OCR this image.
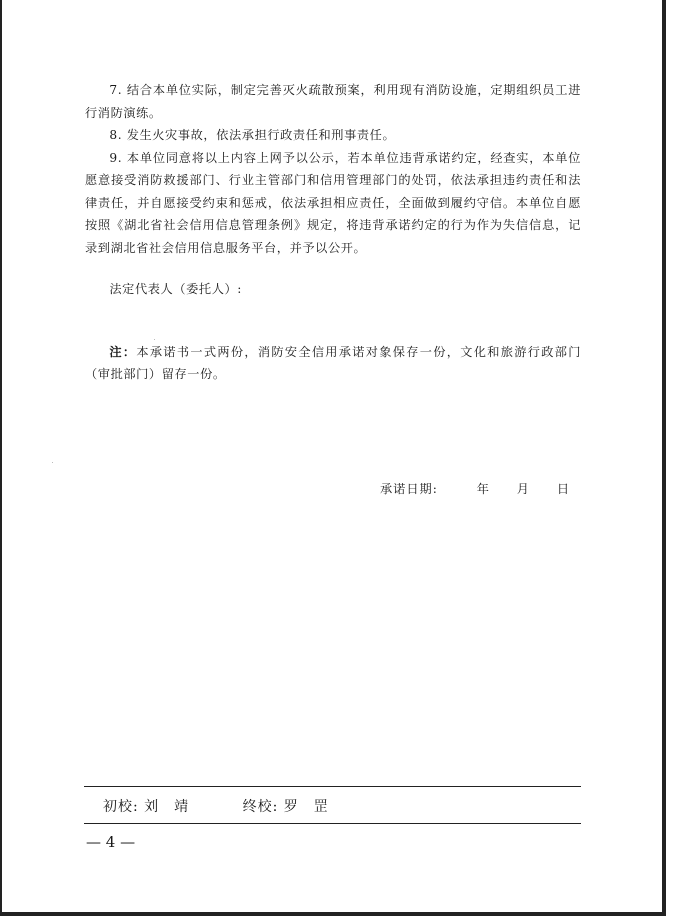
7. 结合本单位实际，制定完善灭火疏散预案，利用现有消防设施，定期组织员工进行消防演练。

8. 发生火灾事故，依法承担行政责任和刑事责任。

9. 本单位同意将以上内容上网予以公示，若本单位违背承诺约定，经查实，本单位愿意接受消防救援部门、行业主管部门和信用管理部门的处罚，依法承担违约责任和法律责任，并自愿接受约束和惩戒，依法承担相应责任，全面做到履约守信。本单位自愿按照《湖北省社会信用信息管理条例》规定，将违背承诺约定的行为作为失信信息，记录到湖北省社会信用信息服务平台，并予以公开。

法定代表人（委托人）:

注：本承诺书一式两份，消防安全信用承诺对象保存一份，文化和旅游行政部门（审批部门）留存一份。

承诺日期:	年 月 日
初校: 刘　靖	终校: 罗　罡
— 4 —
